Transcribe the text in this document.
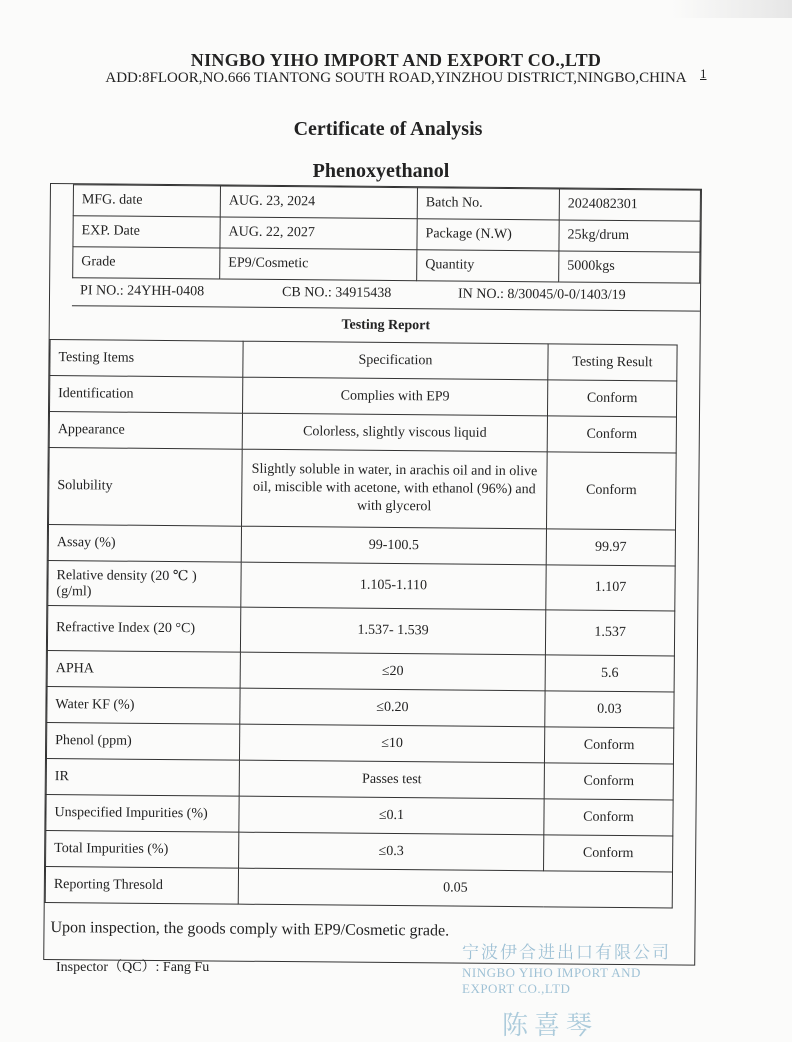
1
NINGBO YIHO IMPORT AND EXPORT CO.,LTD
ADD:8FLOOR,NO.666 TIANTONG SOUTH ROAD,YINZHOU DISTRICT,NINGBO,CHINA
Certificate of Analysis
Phenoxyethanol
MFG. date	AUG. 23, 2024	Batch No.	2024082301
EXP. Date	AUG. 22, 2027	Package (N.W)	25kg/drum
Grade	EP9/Cosmetic	Quantity	5000kgs
PI NO.: 24YHH-0408	CB NO.: 34915438	IN NO.: 8/30045/0-0/1403/19
Testing Report
Testing Items	Specification	Testing Result
Identification	Complies with EP9	Conform
Appearance	Colorless, slightly viscous liquid	Conform
Solubility	Slightly soluble in water, in arachis oil and in olive oil, miscible with acetone, with ethanol (96%) and with glycerol	Conform
Assay (%)	99-100.5	99.97
Relative density (20 ℃ ) (g/ml)	1.105-1.110	1.107
Refractive Index (20 °C)	1.537- 1.539	1.537
APHA	≤20	5.6
Water KF (%)	≤0.20	0.03
Phenol (ppm)	≤10	Conform
IR	Passes test	Conform
Unspecified Impurities (%)	≤0.1	Conform
Total Impurities (%)	≤0.3	Conform
Reporting Thresold	0.05	
Upon inspection, the goods comply with EP9/Cosmetic grade.
Inspector（QC）: Fang Fu
宁波伊合进出口有限公司
NINGBO YIHO IMPORT AND EXPORT CO.,LTD
陈喜琴
